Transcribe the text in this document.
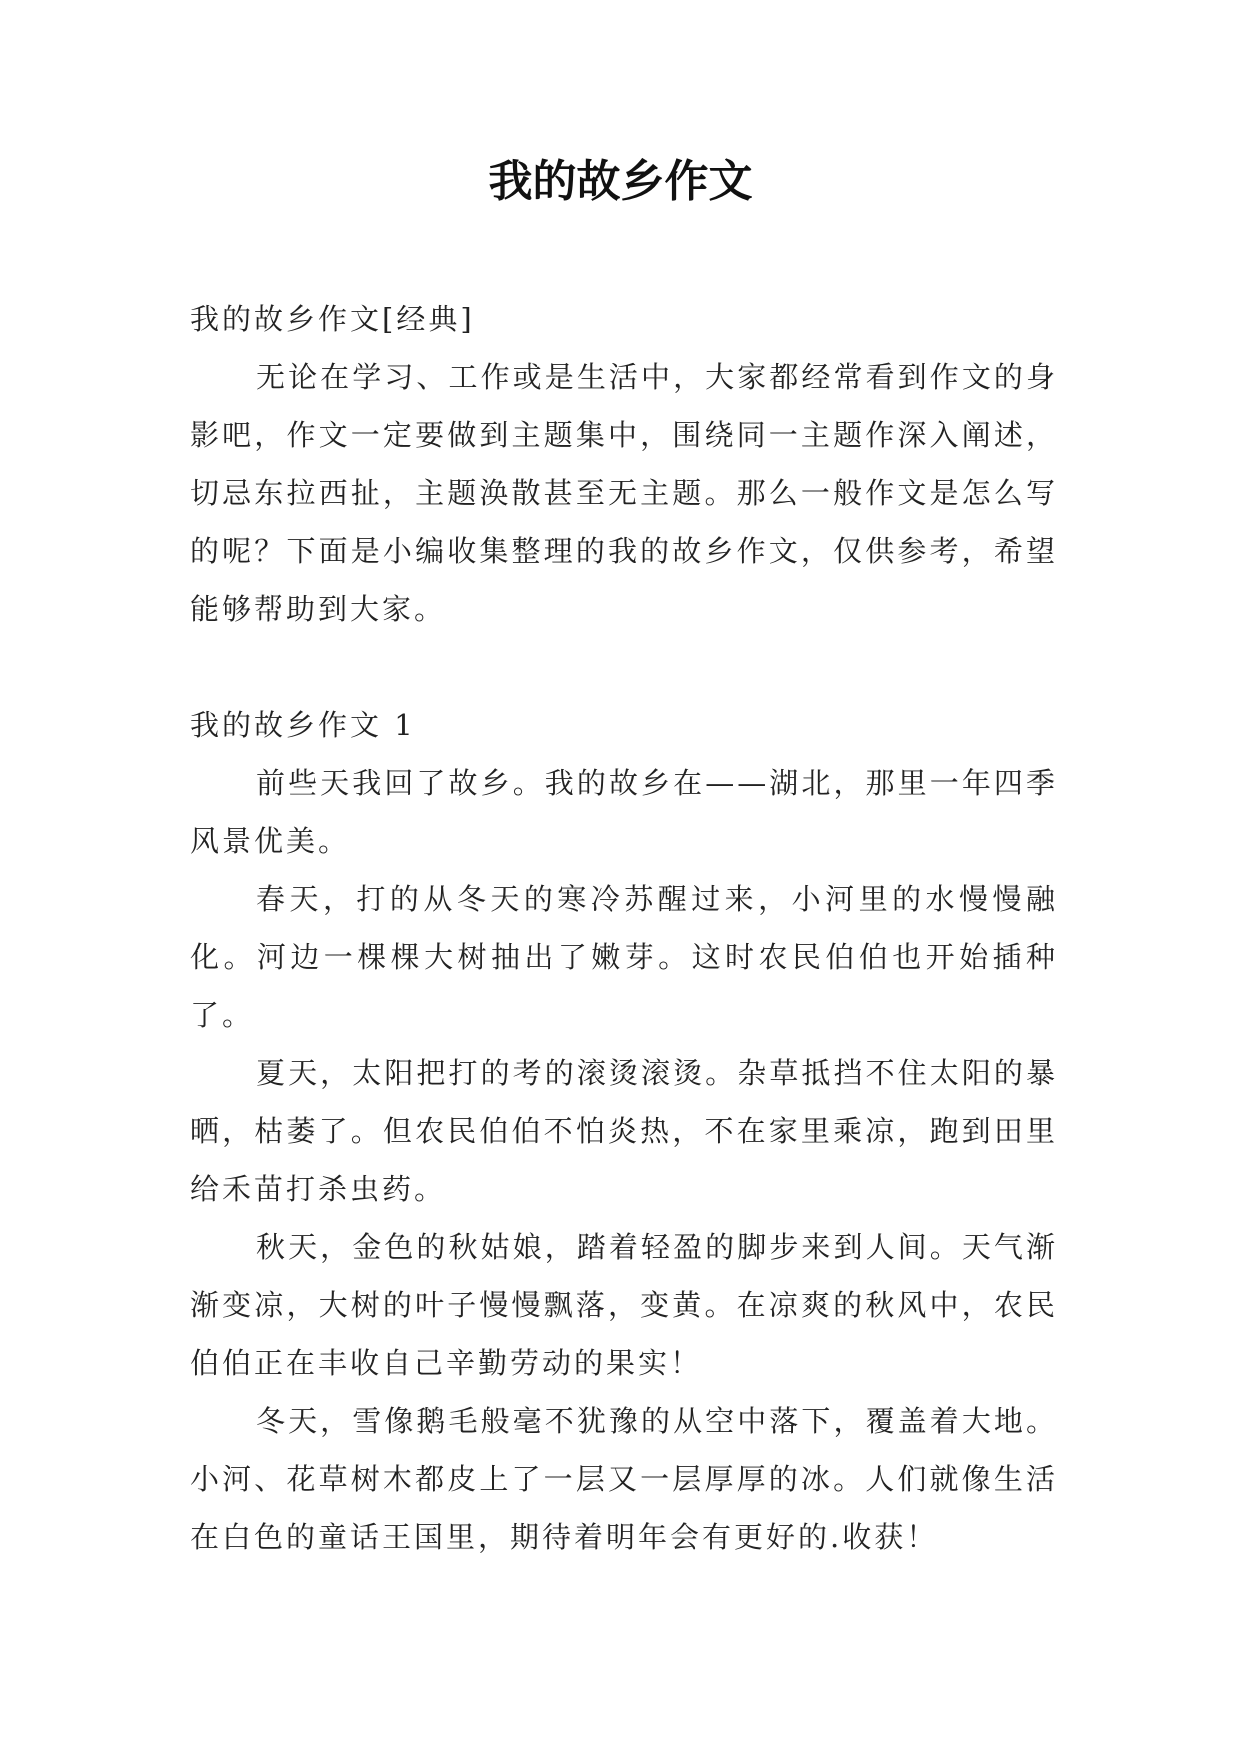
我的故乡作文

我的故乡作文[经典]

无论在学习、工作或是生活中，大家都经常看到作文的身影吧，作文一定要做到主题集中，围绕同一主题作深入阐述，切忌东拉西扯，主题涣散甚至无主题。那么一般作文是怎么写的呢？下面是小编收集整理的我的故乡作文，仅供参考，希望能够帮助到大家。

我的故乡作文 1

前些天我回了故乡。我的故乡在——湖北，那里一年四季风景优美。

春天，打的从冬天的寒冷苏醒过来，小河里的水慢慢融化。河边一棵棵大树抽出了嫩芽。这时农民伯伯也开始插种了。

夏天，太阳把打的考的滚烫滚烫。杂草抵挡不住太阳的暴晒，枯萎了。但农民伯伯不怕炎热，不在家里乘凉，跑到田里给禾苗打杀虫药。

秋天，金色的秋姑娘，踏着轻盈的脚步来到人间。天气渐渐变凉，大树的叶子慢慢飘落，变黄。在凉爽的秋风中，农民伯伯正在丰收自己辛勤劳动的果实！

冬天，雪像鹅毛般毫不犹豫的从空中落下，覆盖着大地。小河、花草树木都皮上了一层又一层厚厚的冰。人们就像生活在白色的童话王国里，期待着明年会有更好的.收获！
